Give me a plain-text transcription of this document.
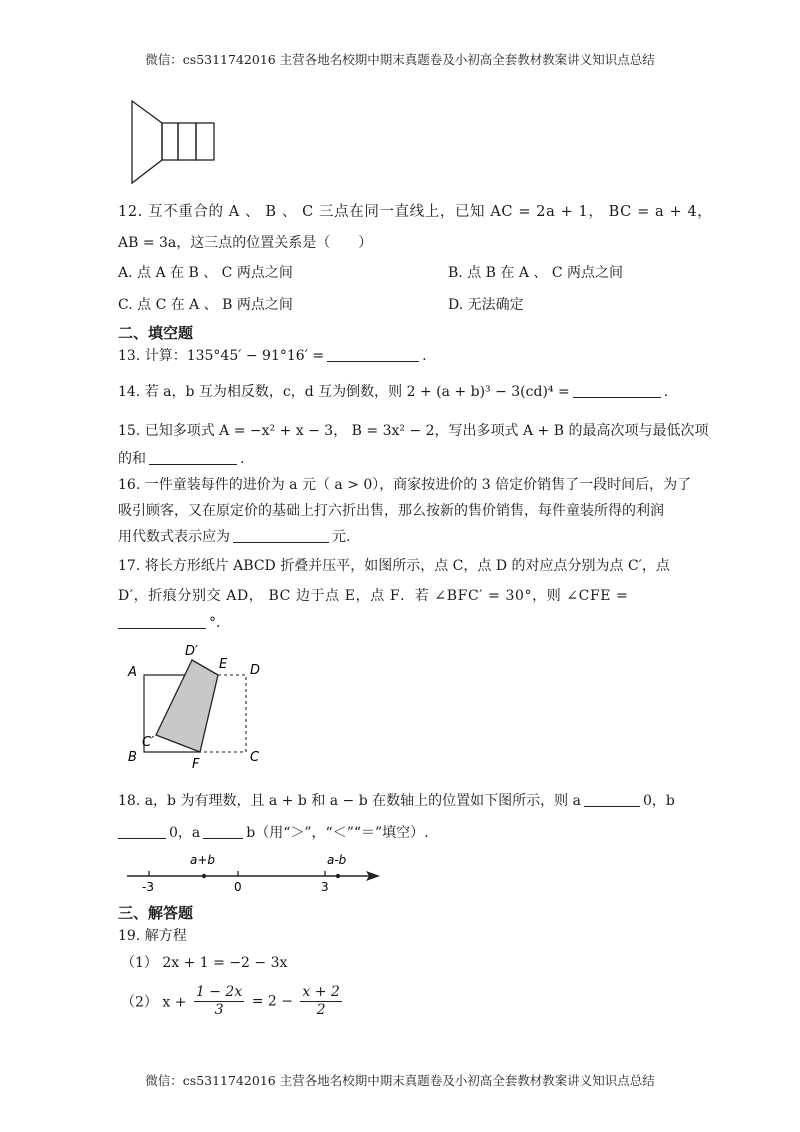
微信：cs5311742016 主营各地名校期中期末真题卷及小初高全套教材教案讲义知识点总结
12. 互不重合的 A 、 B 、 C 三点在同一直线上，已知 AC = 2a + 1， BC = a + 4，
AB = 3a，这三点的位置关系是（　　）
A. 点 A 在 B 、 C 两点之间	B. 点 B 在 A 、 C 两点之间
C. 点 C 在 A 、 B 两点之间	D. 无法确定
二、填空题
13. 计算：135°45′ − 91°16′ =	.
14. 若 a，b 互为相反数，c，d 互为倒数，则 2 + (a + b)³ − 3(cd)⁴ =	.
15. 已知多项式 A = −x² + x − 3， B = 3x² − 2，写出多项式 A + B 的最高次项与最低次项
的和	.
16. 一件童装每件的进价为 a 元（ a > 0），商家按进价的 3 倍定价销售了一段时间后，为了
吸引顾客，又在原定价的基础上打六折出售，那么按新的售价销售，每件童装所得的利润
用代数式表示应为	元.
17. 将长方形纸片 ABCD 折叠并压平，如图所示，点 C，点 D 的对应点分别为点 C′，点
D′，折痕分别交 AD， BC 边于点 E，点 F．若 ∠BFC′ = 30°，则 ∠CFE =
°．
A
B	C
D
E
F
C′
D′
18. a，b 为有理数，且 a + b 和 a − b 在数轴上的位置如下图所示，则 a	0，b
0，a	b（用“＞”，“＜”“＝”填空）.
-3	0	3
a+b	a-b
三、解答题
19. 解方程
（1） 2x + 1 = −2 − 3x
（2） $x + \frac{1 - 2x}{3} = 2 - \frac{x + 2}{2}$
微信：cs5311742016 主营各地名校期中期末真题卷及小初高全套教材教案讲义知识点总结
